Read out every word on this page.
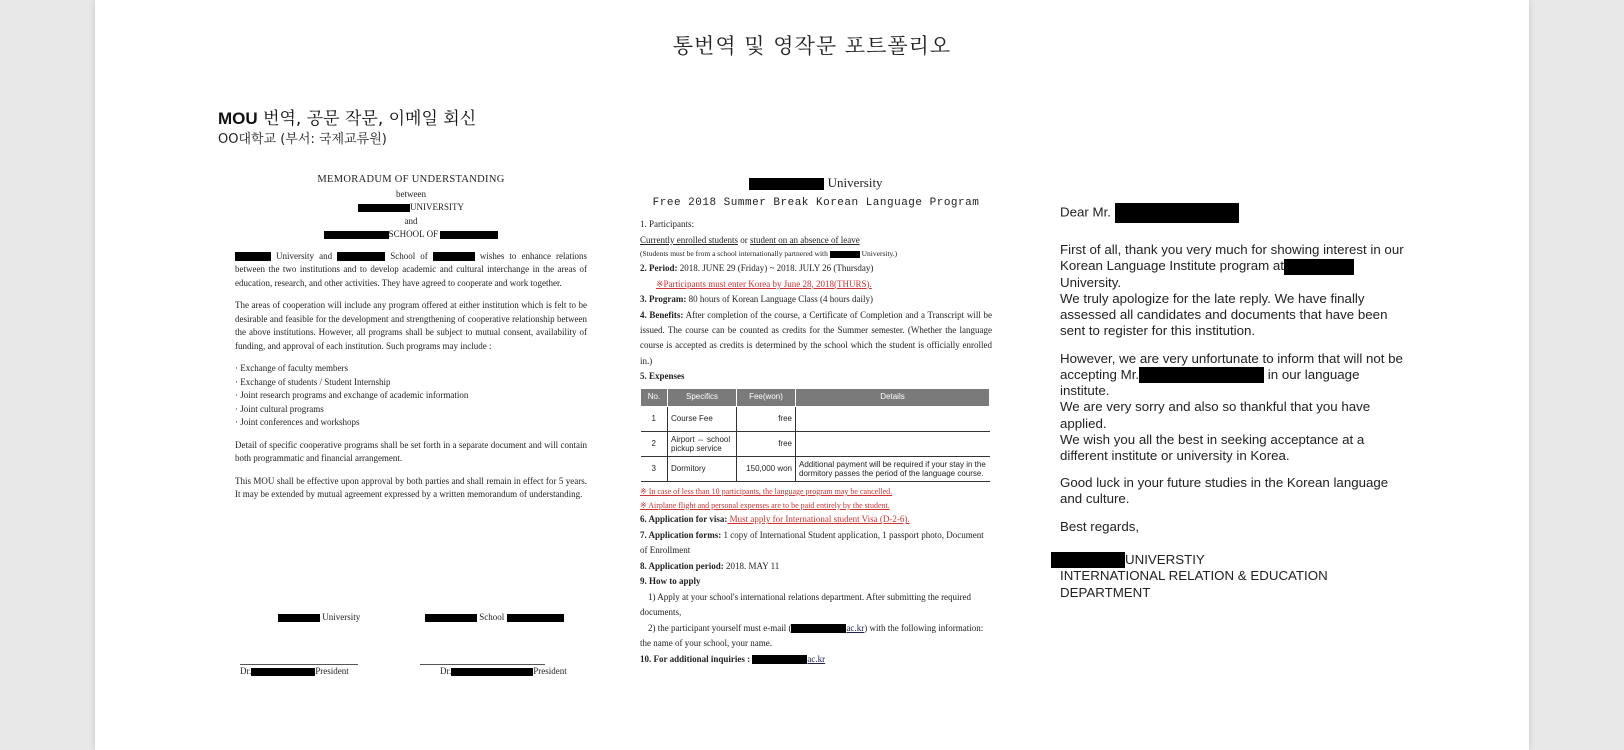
통번역 및 영작문 포트폴리오
MOU 번역, 공문 작문, 이메일 회신
OO대학교 (부서: 국제교류원)
MEMORADUM OF UNDERSTANDING
between
UNIVERSITY
and
SCHOOL OF

University and	School of	wishes to enhance relations between the two institutions and to develop academic and cultural interchange in the areas of education, research, and other activities. They have agreed to cooperate and work together.

The areas of cooperation will include any program offered at either institution which is felt to be desirable and feasible for the development and strengthening of cooperative relationship between the above institutions. However, all programs shall be subject to mutual consent, availability of funding, and approval of each institution. Such programs may include :

· Exchange of faculty members
· Exchange of students / Student Internship
· Joint research programs and exchange of academic information
· Joint cultural programs
· Joint conferences and workshops

Detail of specific cooperative programs shall be set forth in a separate document and will contain both programmatic and financial arrangement.

This MOU shall be effective upon approval by both parties and shall remain in effect for 5 years. It may be extended by mutual agreement expressed by a written memorandum of understanding.

University	School
Dr.	President	Dr.	President
University
Free 2018 Summer Break Korean Language Program
1. Participants:
Currently enrolled students or student on an absence of leave
(Students must be from a school internationally partnered with	University.)
2. Period: 2018. JUNE 29 (Friday) ~ 2018. JULY 26 (Thursday)
※Participants must enter Korea by June 28, 2018(THURS).
3. Program: 80 hours of Korean Language Class (4 hours daily)
4. Benefits: After completion of the course, a Certificate of Completion and a Transcript will be issued. The course can be counted as credits for the Summer semester. (Whether the language course is accepted as credits is determined by the school which the student is officially enrolled in.)
5. Expenses
No.	Specifics	Fee(won)	Details
1	Course Fee	free	
2	Airport ⇔ school pickup service	free	
3	Dormitory	150,000 won	Additional payment will be required if your stay in the dormitory passes the period of the language course.
※ In case of less than 10 participants, the language program may be cancelled.
※ Airplane flight and personal expenses are to be paid entirely by the student.
6. Application for visa: Must apply for International student Visa (D-2-6).
7. Application forms: 1 copy of International Student application, 1 passport photo, Document of Enrollment
8. Application period: 2018. MAY 11
9. How to apply
1) Apply at your school's international relations department. After submitting the required documents,
2) the participant yourself must e-mail (	ac.kr) with the following information: the name of your school, your name.
10. For additional inquiries :	ac.kr

Dear Mr.

First of all, thank you very much for showing interest in our Korean Language Institute program at
University.
We truly apologize for the late reply. We have finally assessed all candidates and documents that have been sent to register for this institution.

However, we are very unfortunate to inform that will not be accepting Mr.	in our language institute.
We are very sorry and also so thankful that you have applied.
We wish you all the best in seeking acceptance at a different institute or university in Korea.

Good luck in your future studies in the Korean language and culture.

Best regards,

UNIVERSTIY
INTERNATIONAL RELATION & EDUCATION DEPARTMENT
